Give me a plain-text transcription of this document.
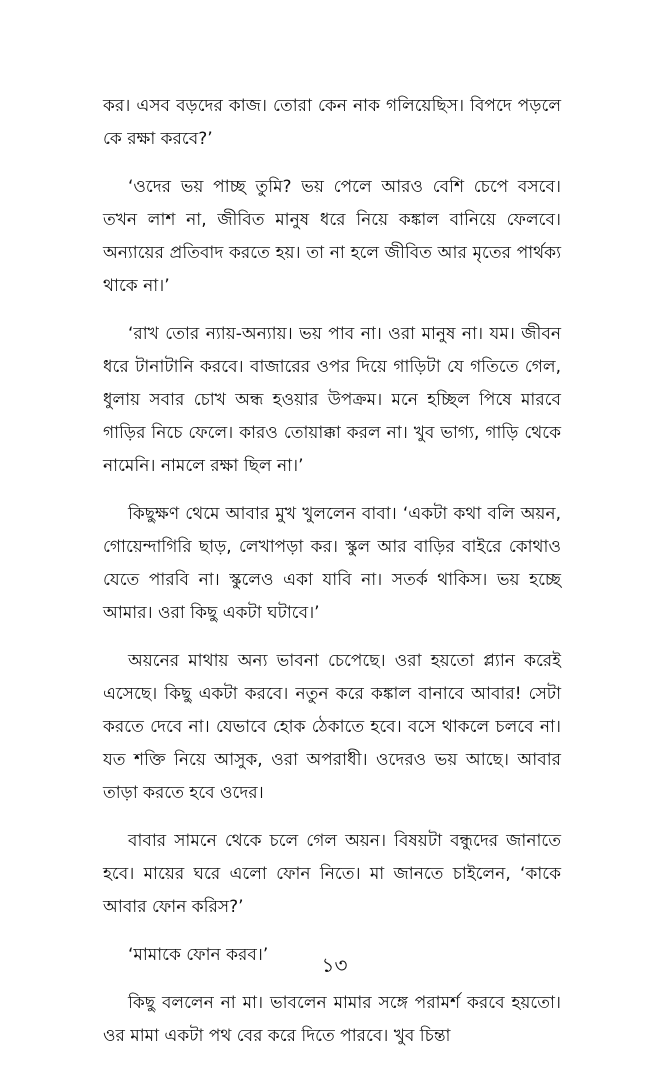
কর। এসব বড়দের কাজ। তোরা কেন নাক গলিয়েছিস। বিপদে পড়লে কে রক্ষা করবে?’

‘ওদের ভয় পাচ্ছ তুমি? ভয় পেলে আরও বেশি চেপে বসবে। তখন লাশ না, জীবিত মানুষ ধরে নিয়ে কঙ্কাল বানিয়ে ফেলবে। অন্যায়ের প্রতিবাদ করতে হয়। তা না হলে জীবিত আর মৃতের পার্থক্য থাকে না।’

‘রাখ তোর ন্যায়-অন্যায়। ভয় পাব না। ওরা মানুষ না। যম। জীবন ধরে টানাটানি করবে। বাজারের ওপর দিয়ে গাড়িটা যে গতিতে গেল, ধুলায় সবার চোখ অন্ধ হওয়ার উপক্রম। মনে হচ্ছিল পিষে মারবে গাড়ির নিচে ফেলে। কারও তোয়াক্কা করল না। খুব ভাগ্য, গাড়ি থেকে নামেনি। নামলে রক্ষা ছিল না।’

কিছুক্ষণ থেমে আবার মুখ খুললেন বাবা। ‘একটা কথা বলি অয়ন, গোয়েন্দাগিরি ছাড়, লেখাপড়া কর। স্কুল আর বাড়ির বাইরে কোথাও যেতে পারবি না। স্কুলেও একা যাবি না। সতর্ক থাকিস। ভয় হচ্ছে আমার। ওরা কিছু একটা ঘটাবে।’

অয়নের মাথায় অন্য ভাবনা চেপেছে। ওরা হয়তো প্ল্যান করেই এসেছে। কিছু একটা করবে। নতুন করে কঙ্কাল বানাবে আবার! সেটা করতে দেবে না। যেভাবে হোক ঠেকাতে হবে। বসে থাকলে চলবে না। যত শক্তি নিয়ে আসুক, ওরা অপরাধী। ওদেরও ভয় আছে। আবার তাড়া করতে হবে ওদের।

বাবার সামনে থেকে চলে গেল অয়ন। বিষয়টা বন্ধুদের জানাতে হবে। মায়ের ঘরে এলো ফোন নিতে। মা জানতে চাইলেন, ‘কাকে আবার ফোন করিস?’

‘মামাকে ফোন করব।’

কিছু বললেন না মা। ভাবলেন মামার সঙ্গে পরামর্শ করবে হয়তো। ওর মামা একটা পথ বের করে দিতে পারবে। খুব চিন্তা

১৩
